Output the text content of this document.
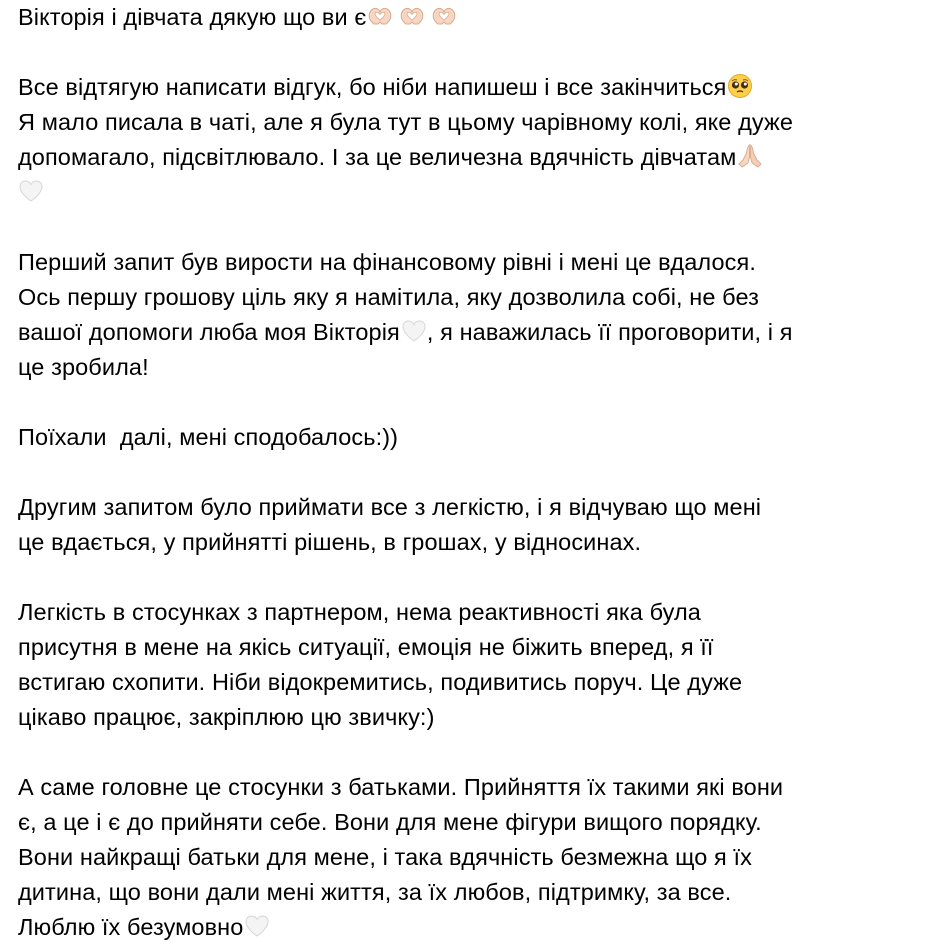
Вікторія і дівчата дякую що ви є
Все відтягую написати відгук, бо ніби напишеш і все закінчиться
Я мало писала в чаті, але я була тут в цьому чарівному колі, яке дуже
допомагало, підсвітлювало. І за це величезна вдячність дівчатам
Перший запит був вирости на фінансовому рівні і мені це вдалося.
Ось першу грошову ціль яку я намітила, яку дозволила собі, не без
вашої допомоги люба моя Вікторія , я наважилась її проговорити, і я
це зробила!
Поїхали  далі, мені сподобалось:))
Другим запитом було приймати все з легкістю, і я відчуваю що мені
це вдається, у прийнятті рішень, в грошах, у відносинах.
Легкість в стосунках з партнером, нема реактивності яка була
присутня в мене на якісь ситуації, емоція не біжить вперед, я її
встигаю схопити. Ніби відокремитись, подивитись поруч. Це дуже
цікаво працює, закріплюю цю звичку:)
А саме головне це стосунки з батьками. Прийняття їх такими які вони
є, а це і є до прийняти себе. Вони для мене фігури вищого порядку.
Вони найкращі батьки для мене, і така вдячність безмежна що я їх
дитина, що вони дали мені життя, за їх любов, підтримку, за все.
Люблю їх безумовно
